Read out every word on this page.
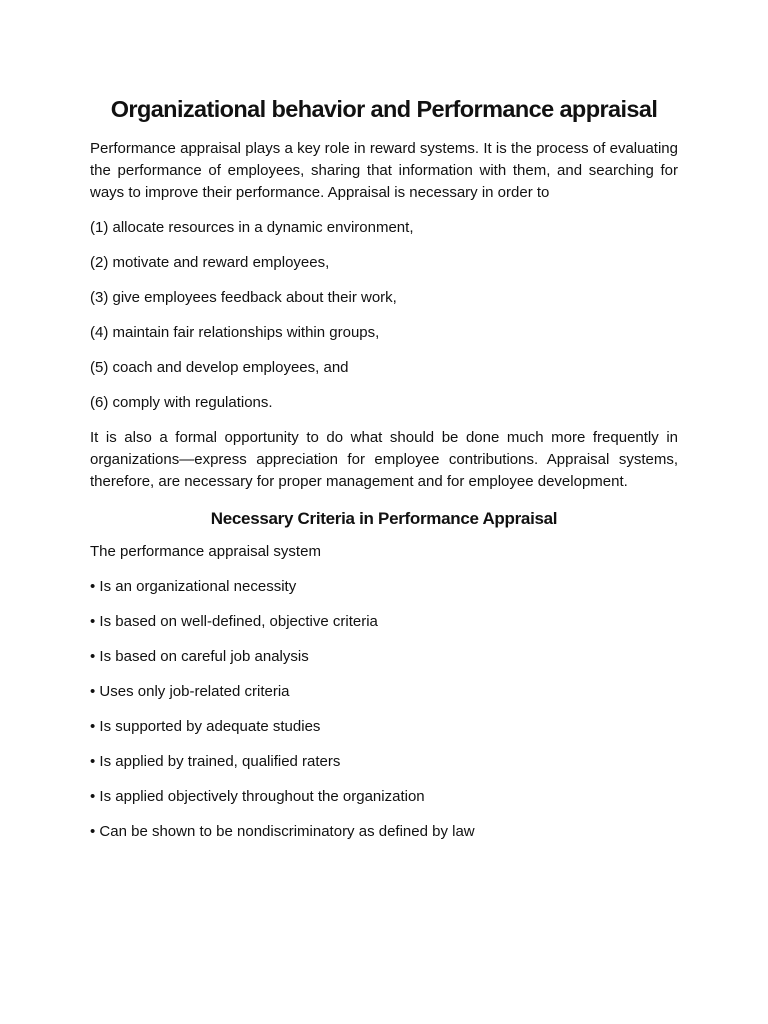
Organizational behavior and Performance appraisal

Performance appraisal plays a key role in reward systems. It is the process of evaluating the performance of employees, sharing that information with them, and searching for ways to improve their performance. Appraisal is necessary in order to

(1) allocate resources in a dynamic environment,

(2) motivate and reward employees,

(3) give employees feedback about their work,

(4) maintain fair relationships within groups,

(5) coach and develop employees, and

(6) comply with regulations.

It is also a formal opportunity to do what should be done much more frequently in organizations—express appreciation for employee contributions. Appraisal systems, therefore, are necessary for proper management and for employee development.

Necessary Criteria in Performance Appraisal

The performance appraisal system

• Is an organizational necessity

• Is based on well-defined, objective criteria

• Is based on careful job analysis

• Uses only job-related criteria

• Is supported by adequate studies

• Is applied by trained, qualified raters

• Is applied objectively throughout the organization

• Can be shown to be nondiscriminatory as defined by law
